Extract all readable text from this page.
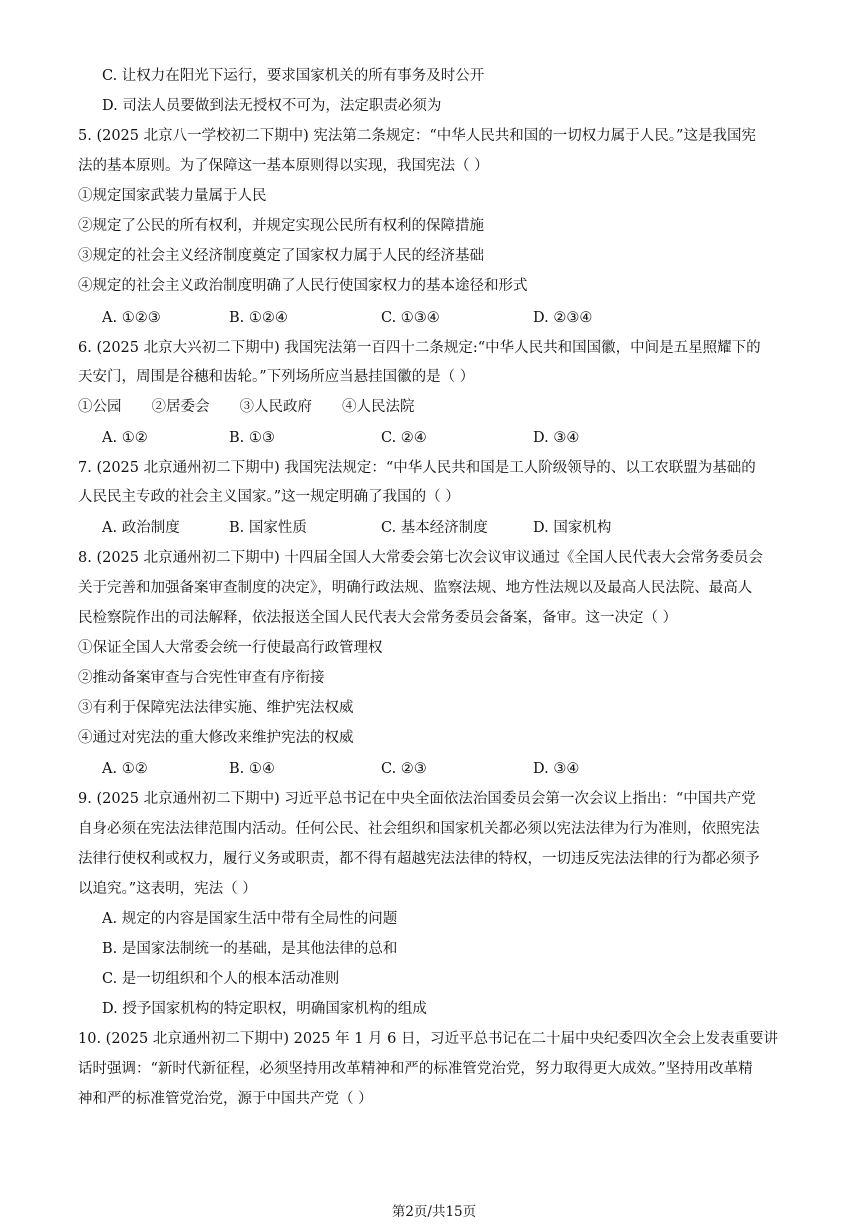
C. 让权力在阳光下运行，要求国家机关的所有事务及时公开
D. 司法人员要做到法无授权不可为，法定职责必须为
5. (2025 北京八一学校初二下期中) 宪法第二条规定：“中华人民共和国的一切权力属于人民。”这是我国宪
法的基本原则。为了保障这一基本原则得以实现，我国宪法（ ）
①规定国家武装力量属于人民
②规定了公民的所有权利，并规定实现公民所有权利的保障措施
③规定的社会主义经济制度奠定了国家权力属于人民的经济基础
④规定的社会主义政治制度明确了人民行使国家权力的基本途径和形式
A. ①②③	B. ①②④	C. ①③④	D. ②③④
6. (2025 北京大兴初二下期中) 我国宪法第一百四十二条规定:“中华人民共和国国徽，中间是五星照耀下的
天安门，周围是谷穗和齿轮。”下列场所应当悬挂国徽的是（ ）
①公园 ②居委会 ③人民政府 ④人民法院
A. ①②	B. ①③	C. ②④	D. ③④
7. (2025 北京通州初二下期中) 我国宪法规定：“中华人民共和国是工人阶级领导的、以工农联盟为基础的
人民民主专政的社会主义国家。”这一规定明确了我国的（ ）
A. 政治制度	B. 国家性质	C. 基本经济制度	D. 国家机构
8. (2025 北京通州初二下期中) 十四届全国人大常委会第七次会议审议通过《全国人民代表大会常务委员会
关于完善和加强备案审查制度的决定》，明确行政法规、监察法规、地方性法规以及最高人民法院、最高人
民检察院作出的司法解释，依法报送全国人民代表大会常务委员会备案，备审。这一决定（ ）
①保证全国人大常委会统一行使最高行政管理权
②推动备案审查与合宪性审查有序衔接
③有利于保障宪法法律实施、维护宪法权威
④通过对宪法的重大修改来维护宪法的权威
A. ①②	B. ①④	C. ②③	D. ③④
9. (2025 北京通州初二下期中) 习近平总书记在中央全面依法治国委员会第一次会议上指出：“中国共产党
自身必须在宪法法律范围内活动。任何公民、社会组织和国家机关都必须以宪法法律为行为准则，依照宪法
法律行使权利或权力，履行义务或职责，都不得有超越宪法法律的特权，一切违反宪法法律的行为都必须予
以追究。”这表明，宪法（ ）
A. 规定的内容是国家生活中带有全局性的问题
B. 是国家法制统一的基础，是其他法律的总和
C. 是一切组织和个人的根本活动准则
D. 授予国家机构的特定职权，明确国家机构的组成
10. (2025 北京通州初二下期中) 2025 年 1 月 6 日，习近平总书记在二十届中央纪委四次全会上发表重要讲
话时强调：“新时代新征程，必须坚持用改革精神和严的标准管党治党，努力取得更大成效。”坚持用改革精
神和严的标准管党治党，源于中国共产党（ ）
第2页/共15页
